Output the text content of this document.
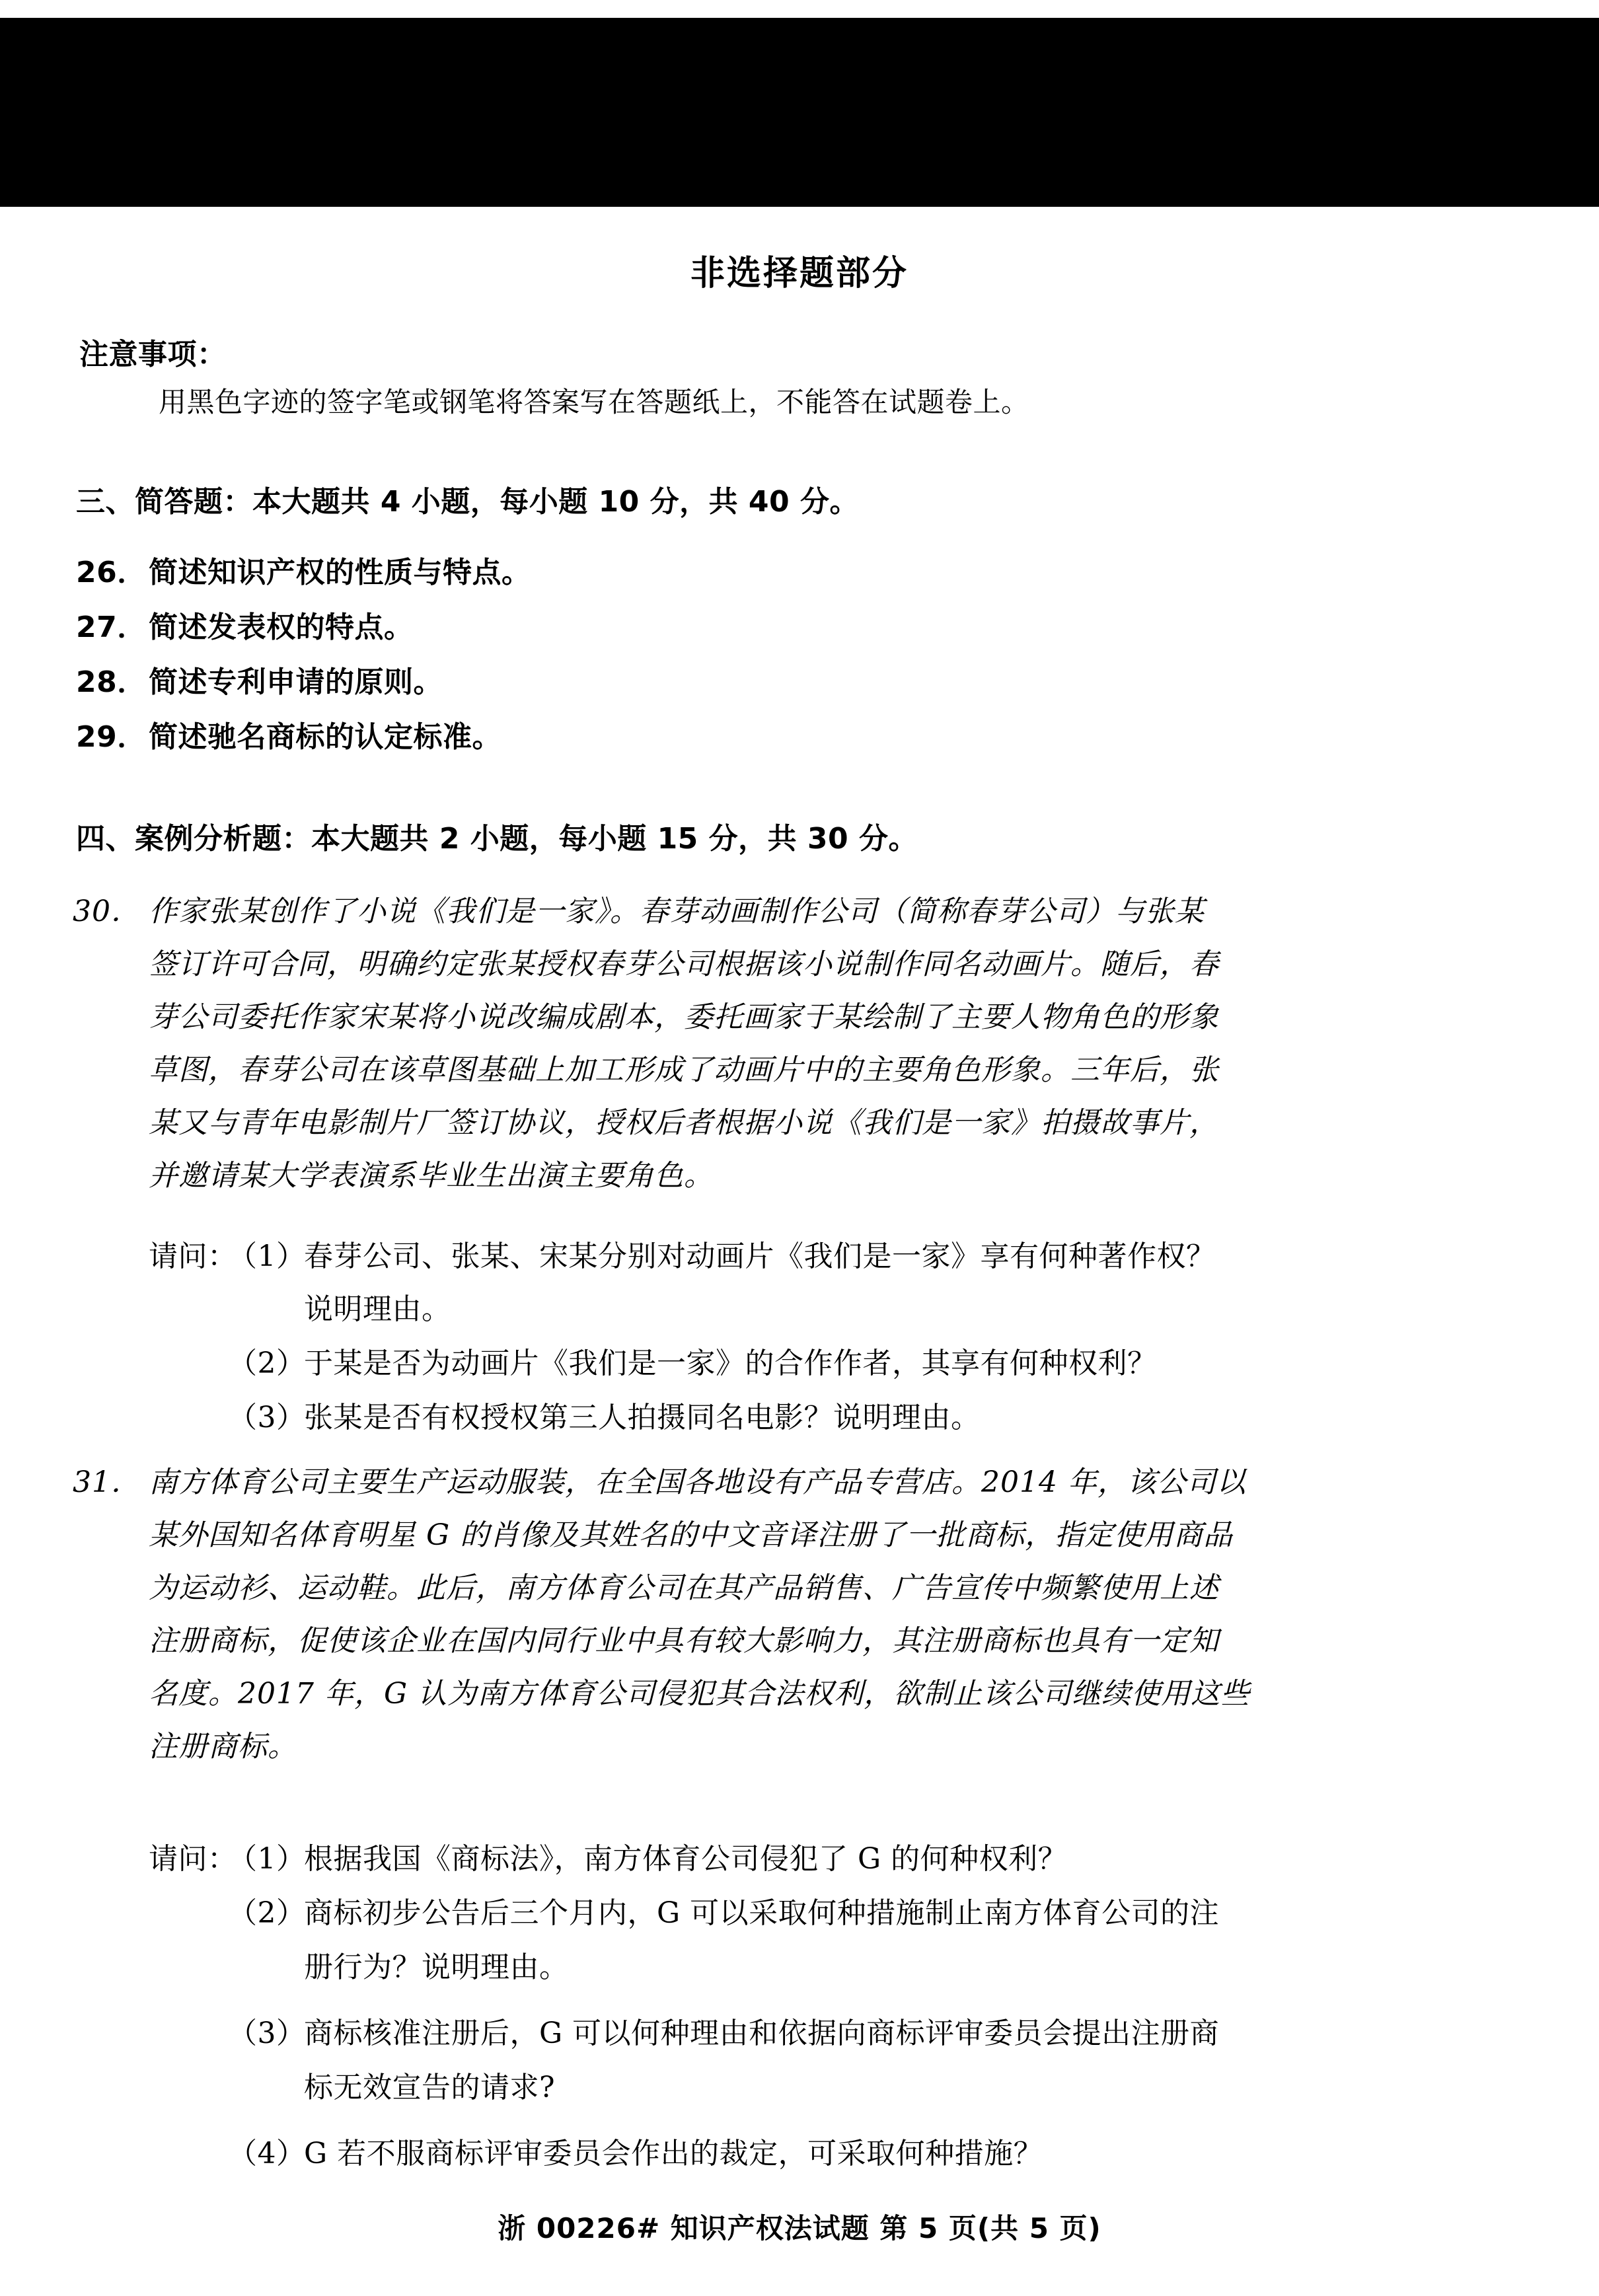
非选择题部分
注意事项：
用黑色字迹的签字笔或钢笔将答案写在答题纸上，不能答在试题卷上。
三、简答题：本大题共 4 小题，每小题 10 分，共 40 分。
26． 简述知识产权的性质与特点。
27． 简述发表权的特点。
28． 简述专利申请的原则。
29． 简述驰名商标的认定标准。
四、案例分析题：本大题共 2 小题，每小题 15 分，共 30 分。
30． 作家张某创作了小说《我们是一家》。春芽动画制作公司（简称春芽公司）与张某
签订许可合同，明确约定张某授权春芽公司根据该小说制作同名动画片。随后，春
芽公司委托作家宋某将小说改编成剧本，委托画家于某绘制了主要人物角色的形象
草图，春芽公司在该草图基础上加工形成了动画片中的主要角色形象。三年后，张
某又与青年电影制片厂签订协议，授权后者根据小说《我们是一家》拍摄故事片，
并邀请某大学表演系毕业生出演主要角色。
请问：
（1）
春芽公司、张某、宋某分别对动画片《我们是一家》享有何种著作权？
说明理由。
（2）
于某是否为动画片《我们是一家》的合作作者，其享有何种权利？
（3）
张某是否有权授权第三人拍摄同名电影？说明理由。
31． 南方体育公司主要生产运动服装，在全国各地设有产品专营店。2014 年，该公司以
某外国知名体育明星 G 的肖像及其姓名的中文音译注册了一批商标，指定使用商品
为运动衫、运动鞋。此后，南方体育公司在其产品销售、广告宣传中频繁使用上述
注册商标，促使该企业在国内同行业中具有较大影响力，其注册商标也具有一定知
名度。2017 年，G 认为南方体育公司侵犯其合法权利，欲制止该公司继续使用这些
注册商标。
请问：
（1）
根据我国《商标法》，南方体育公司侵犯了 G 的何种权利？
（2）
商标初步公告后三个月内，G 可以采取何种措施制止南方体育公司的注
册行为？说明理由。
（3）
商标核准注册后，G 可以何种理由和依据向商标评审委员会提出注册商
标无效宣告的请求?
（4）
G 若不服商标评审委员会作出的裁定，可采取何种措施？
浙 00226# 知识产权法试题 第 5 页(共 5 页)
